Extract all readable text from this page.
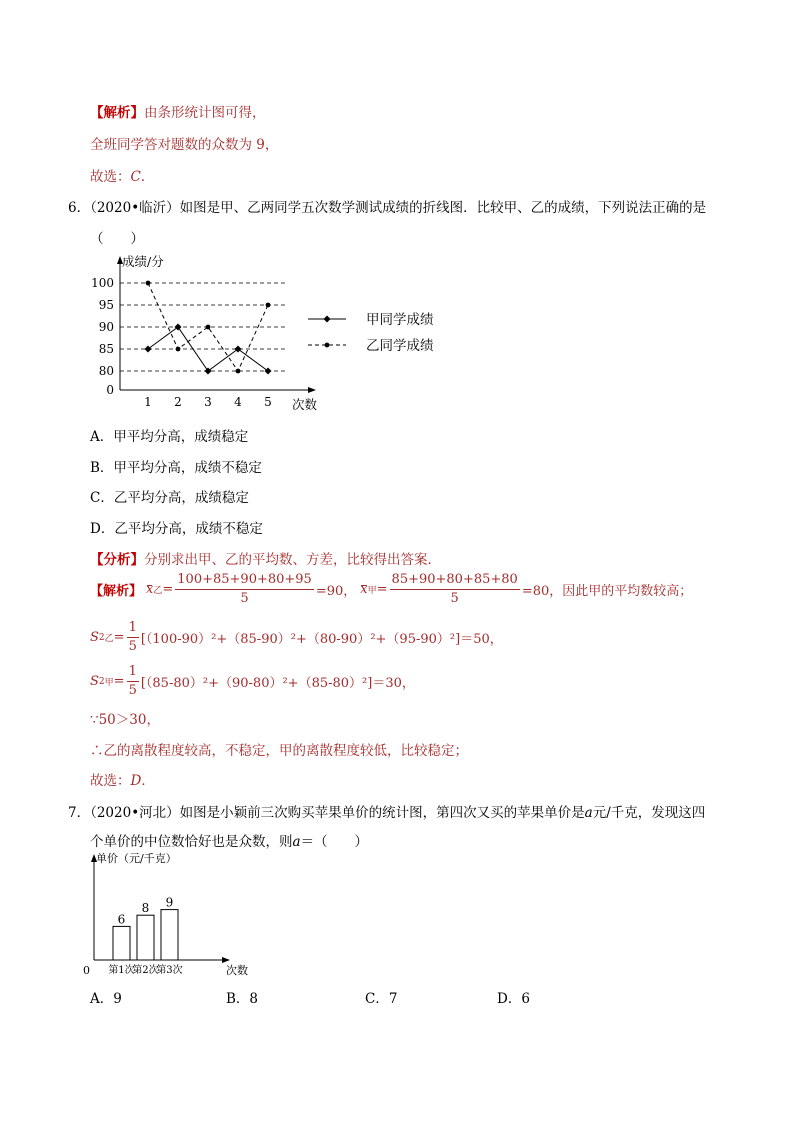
【解析】由条形统计图可得，
全班同学答对题数的众数为 9，
故选：C．
6．（2020•临沂）如图是甲、乙两同学五次数学测试成绩的折线图．比较甲、乙的成绩，下列说法正确的是
（　　）
成绩/分
次数
100
95
90
85
80
0
1 2 3 4 5
甲同学成绩
乙同学成绩
A．甲平均分高，成绩稳定
B．甲平均分高，成绩不稳定
C．乙平均分高，成绩稳定
D．乙平均分高，成绩不稳定
【分析】分别求出甲、乙的平均数、方差，比较得出答案．
【解析】 x 乙 = $\frac{100+85+90+80+95}{5} =90$， x 甲 = $\frac{85+90+80+85+80}{5} =80$， 因此甲的平均数较高；
S 2 乙 = $\frac{1}{5} [(100-90)^2+(85-90)^2+(80-90)^2+(95-90)^2]=50$，
S 2 甲 = $\frac{1}{5} [(85-80)^2+(90-80)^2+(85-80)^2]=30$，
∵50＞30，
∴乙的离散程度较高，不稳定，甲的离散程度较低，比较稳定；
故选：D．
7．（2020•河北）如图是小颖前三次购买苹果单价的统计图，第四次又买的苹果单价是a元/千克，发现这四
个单价的中位数恰好也是众数，则a＝（　　）
单价（元/千克）
0	次数
6
第1次
8
第2次
9
第3次
A．9	B．8	C．7	D．6
